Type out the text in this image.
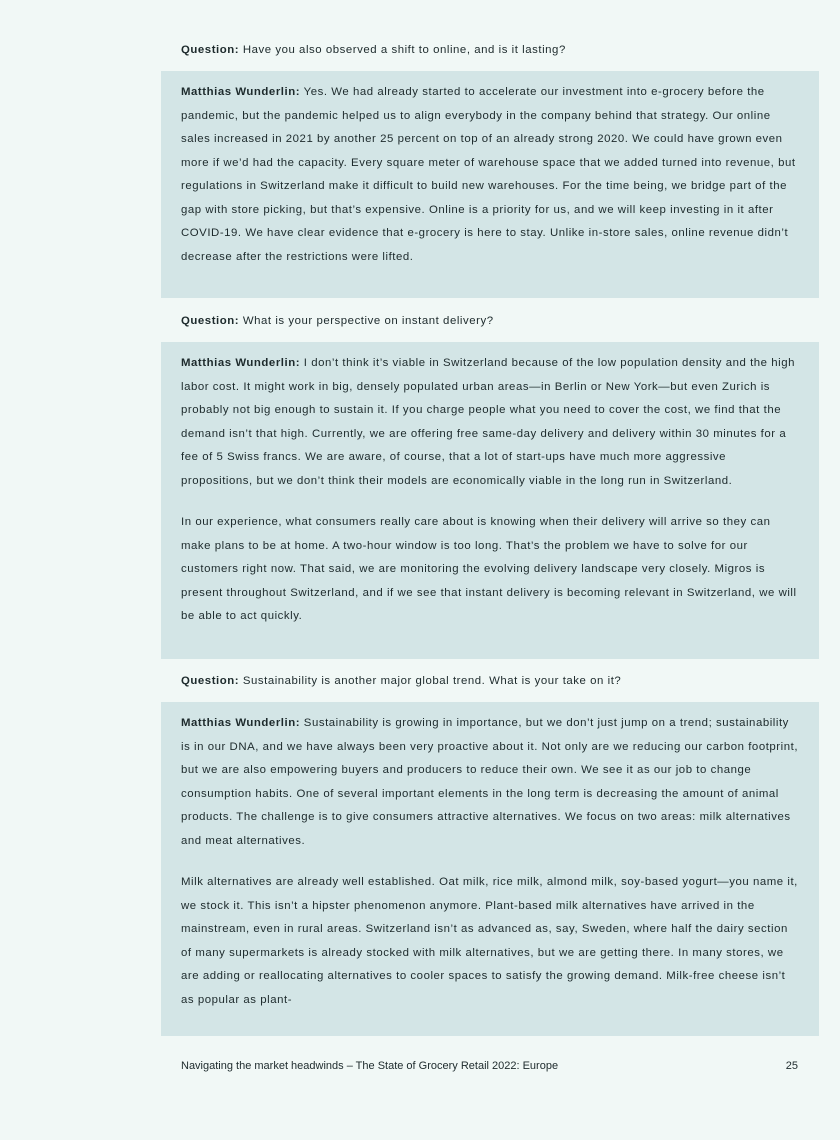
Question: Have you also observed a shift to online, and is it lasting?

Matthias Wunderlin: Yes. We had already started to accelerate our investment into e-grocery before the pandemic, but the pandemic helped us to align everybody in the company behind that strategy. Our online sales increased in 2021 by another 25 percent on top of an already strong 2020. We could have grown even more if we’d had the capacity. Every square meter of warehouse space that we added turned into revenue, but regulations in Switzerland make it difficult to build new warehouses. For the time being, we bridge part of the gap with store picking, but that’s expensive. Online is a priority for us, and we will keep investing in it after COVID-19. We have clear evidence that e-grocery is here to stay. Unlike in-store sales, online revenue didn’t decrease after the restrictions were lifted.

Question: What is your perspective on instant delivery?

Matthias Wunderlin: I don’t think it’s viable in Switzerland because of the low population density and the high labor cost. It might work in big, densely populated urban areas—in Berlin or New York—but even Zurich is probably not big enough to sustain it. If you charge people what you need to cover the cost, we find that the demand isn’t that high. Currently, we are offering free same-day delivery and delivery within 30 minutes for a fee of 5 Swiss francs. We are aware, of course, that a lot of start-ups have much more aggressive propositions, but we don’t think their models are economically viable in the long run in Switzerland.

In our experience, what consumers really care about is knowing when their delivery will arrive so they can make plans to be at home. A two-hour window is too long. That’s the problem we have to solve for our customers right now. That said, we are monitoring the evolving delivery landscape very closely. Migros is present throughout Switzerland, and if we see that instant delivery is becoming relevant in Switzerland, we will be able to act quickly.

Question: Sustainability is another major global trend. What is your take on it?

Matthias Wunderlin: Sustainability is growing in importance, but we don’t just jump on a trend; sustainability is in our DNA, and we have always been very proactive about it. Not only are we reducing our carbon footprint, but we are also empowering buyers and producers to reduce their own. We see it as our job to change consumption habits. One of several important elements in the long term is decreasing the amount of animal products. The challenge is to give consumers attractive alternatives. We focus on two areas: milk alternatives and meat alternatives.

Milk alternatives are already well established. Oat milk, rice milk, almond milk, soy-based yogurt—you name it, we stock it. This isn’t a hipster phenomenon anymore. Plant-based milk alternatives have arrived in the mainstream, even in rural areas. Switzerland isn’t as advanced as, say, Sweden, where half the dairy section of many supermarkets is already stocked with milk alternatives, but we are getting there. In many stores, we are adding or reallocating alternatives to cooler spaces to satisfy the growing demand. Milk-free cheese isn’t as popular as plant-

Navigating the market headwinds – The State of Grocery Retail 2022: Europe	25
